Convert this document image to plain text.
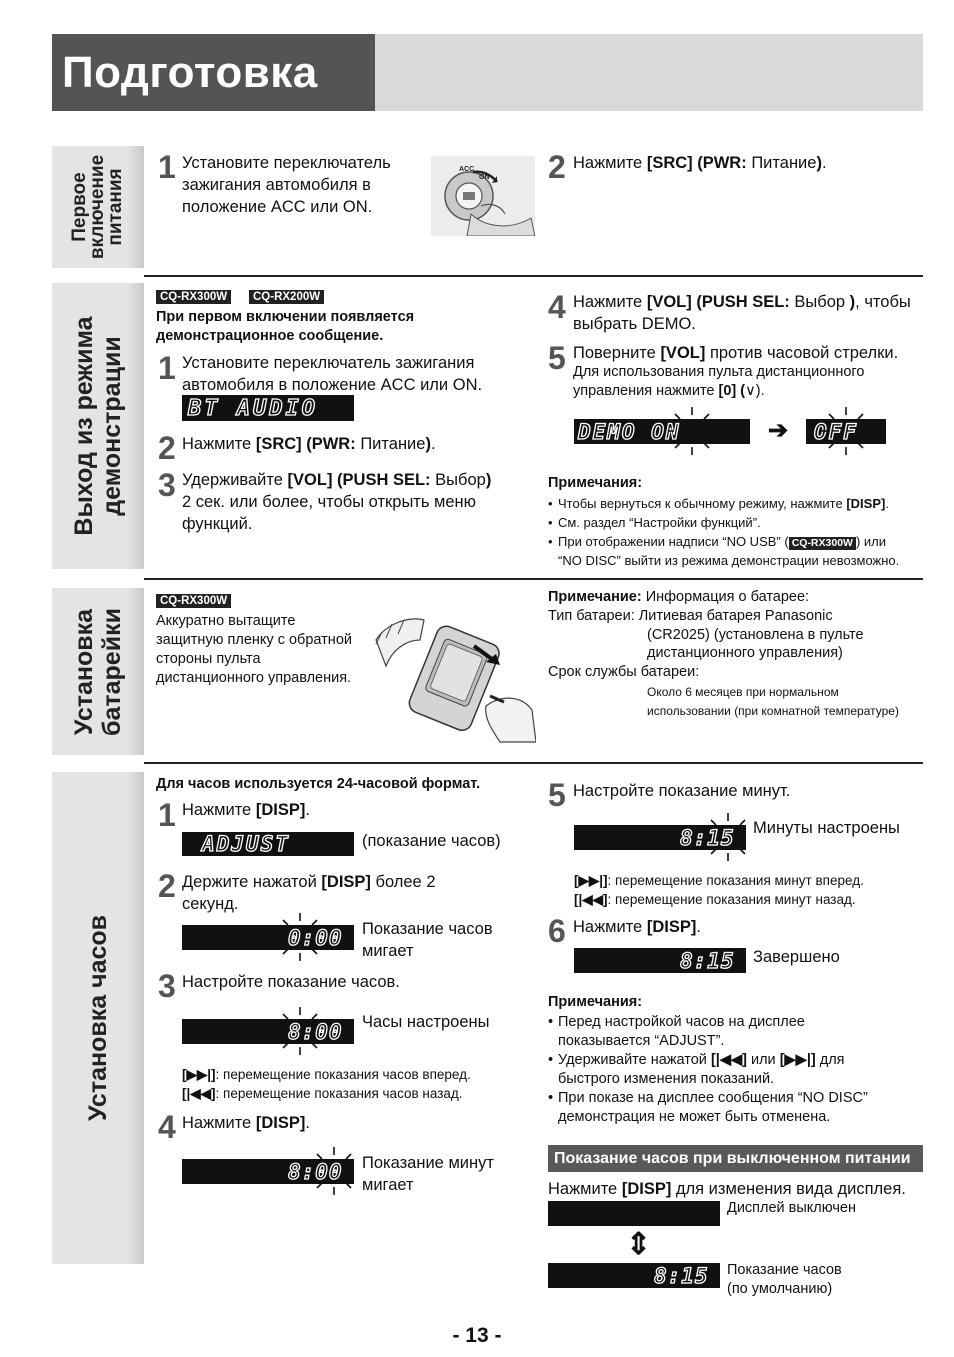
Подготовка
Первое
включение
питания
Выход из режима демонстрации
Установка батарейки
Установка часов
1 Установите переключатель зажигания автомобиля в положение ACC или ON.
ACC
ON 2 Нажмите [SRC] (PWR: Питание).
CQ-RX300W	CQ-RX200W
При первом включении появляется демонстрационное сообщение.
1 Установите переключатель зажигания автомобиля в положение ACC или ON.
BT AUDIO
2 Нажмите [SRC] (PWR: Питание).
3 Удерживайте [VOL] (PUSH SEL: Выбор)
2 сек. или более, чтобы открыть меню функций.
4 Нажмите [VOL] (PUSH SEL: Выбор ), чтобы выбрать DEMO.
5 Поверните [VOL] против часовой стрелки.
Для использования пульта дистанционного
управления нажмите [0] (∨).
DEMO ON	➔ OFF
Примечания:
• Чтобы вернуться к обычному режиму, нажмите [DISP].
• См. раздел “Настройки функций”.
• При отображении надписи “NO USB” ( CQ-RX300W ) или
“NO DISC” выйти из режима демонстрации невозможно.
CQ-RX300W
Аккуратно вытащите защитную пленку с обратной стороны пульта дистанционного управления.
Примечание: Информация о батарее:
Тип батареи: Литиевая батарея Panasonic
(CR2025) (установлена в пульте
дистанционного управления)
Срок службы батареи:
Около 6 месяцев при нормальном
использовании (при комнатной температуре)
Для часов используется 24-часовой формат.
1 Нажмите [DISP].
ADJUST	(показание часов)
2 Держите нажатой [DISP] более 2 секунд.
0:00 Показание часов мигает
3 Настройте показание часов.
8:00 Часы настроены
[▶▶|]: перемещение показания часов вперед.
[|◀◀]: перемещение показания часов назад.
4 Нажмите [DISP].
8:00 Показание минут мигает
5 Настройте показание минут.
8:15 Минуты настроены
[▶▶|]: перемещение показания минут вперед.
[|◀◀]: перемещение показания минут назад.
6 Нажмите [DISP].
8:15 Завершено
Примечания:
• Перед настройкой часов на дисплее показывается “ADJUST”.
• Удерживайте нажатой [|◀◀] или [▶▶|] для быстрого изменения показаний.
• При показе на дисплее сообщения “NO DISC” демонстрация не может быть отменена.
Показание часов при выключенном питании
Нажмите [DISP] для изменения вида дисплея.
Дисплей выключен
⇕
8:15 Показание часов
(по умолчанию)
- 13 -
